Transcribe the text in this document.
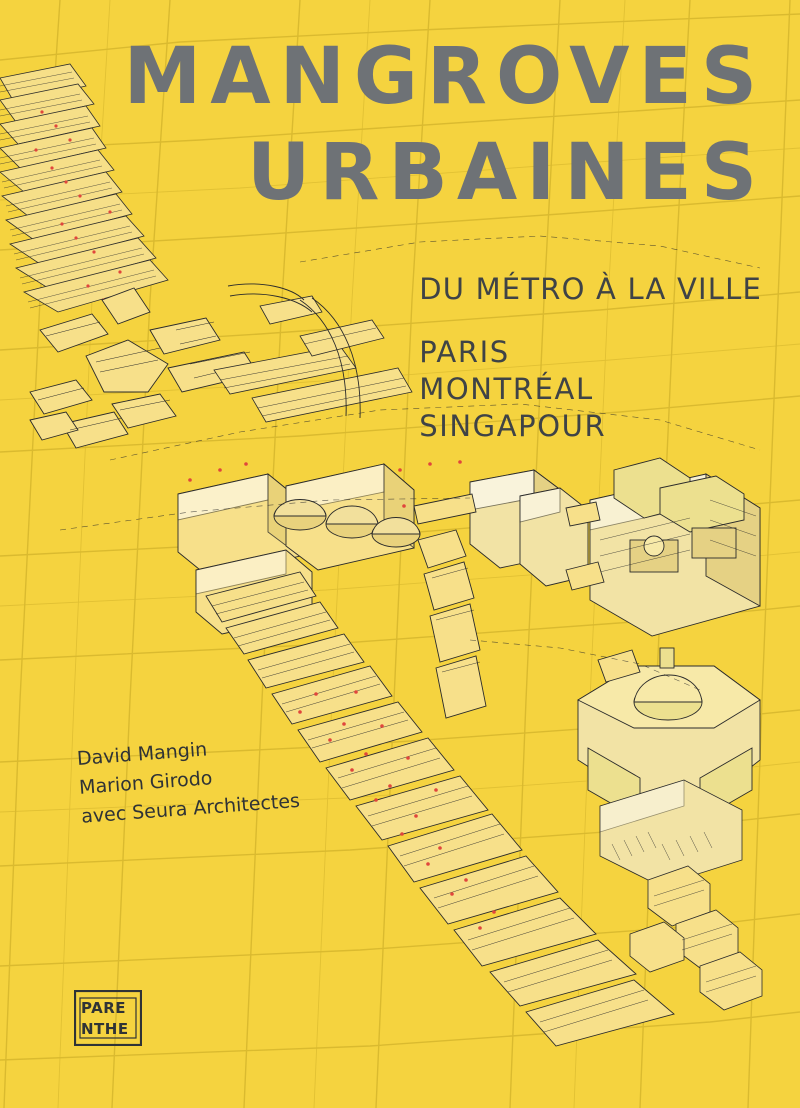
MANGROVES
URBAINES
DU MÉTRO À LA VILLE
PARIS
MONTRÉAL
SINGAPOUR
David Mangin
Marion Girodo
avec Seura Architectes
PARE
NTHE
